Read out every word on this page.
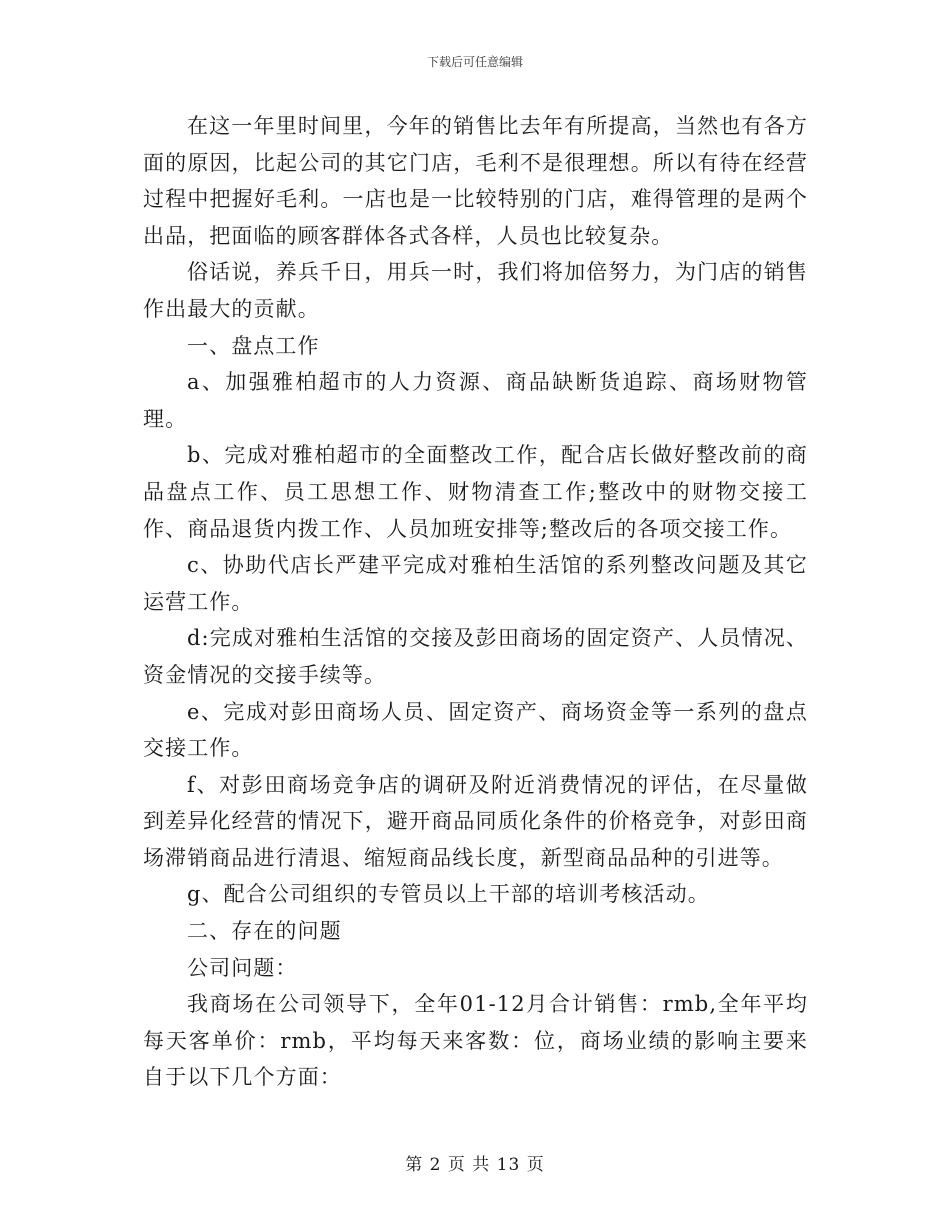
下载后可任意编辑

在这一年里时间里，今年的销售比去年有所提高，当然也有各方面的原因，比起公司的其它门店，毛利不是很理想。所以有待在经营过程中把握好毛利。一店也是一比较特别的门店，难得管理的是两个出品，把面临的顾客群体各式各样，人员也比较复杂。

俗话说，养兵千日，用兵一时，我们将加倍努力，为门店的销售作出最大的贡献。

一、盘点工作

a、加强雅柏超市的人力资源、商品缺断货追踪、商场财物管理。

b、完成对雅柏超市的全面整改工作，配合店长做好整改前的商品盘点工作、员工思想工作、财物清查工作;整改中的财物交接工作、商品退货内拨工作、人员加班安排等;整改后的各项交接工作。

c、协助代店长严建平完成对雅柏生活馆的系列整改问题及其它运营工作。

d:完成对雅柏生活馆的交接及彭田商场的固定资产、人员情况、资金情况的交接手续等。

e、完成对彭田商场人员、固定资产、商场资金等一系列的盘点交接工作。

f、对彭田商场竞争店的调研及附近消费情况的评估，在尽量做到差异化经营的情况下，避开商品同质化条件的价格竞争，对彭田商场滞销商品进行清退、缩短商品线长度，新型商品品种的引进等。

g、配合公司组织的专管员以上干部的培训考核活动。

二、存在的问题

公司问题：

我商场在公司领导下，全年01-12月合计销售：rmb,全年平均每天客单价：rmb，平均每天来客数：位，商场业绩的影响主要来自于以下几个方面：

第 2 页 共 13 页
